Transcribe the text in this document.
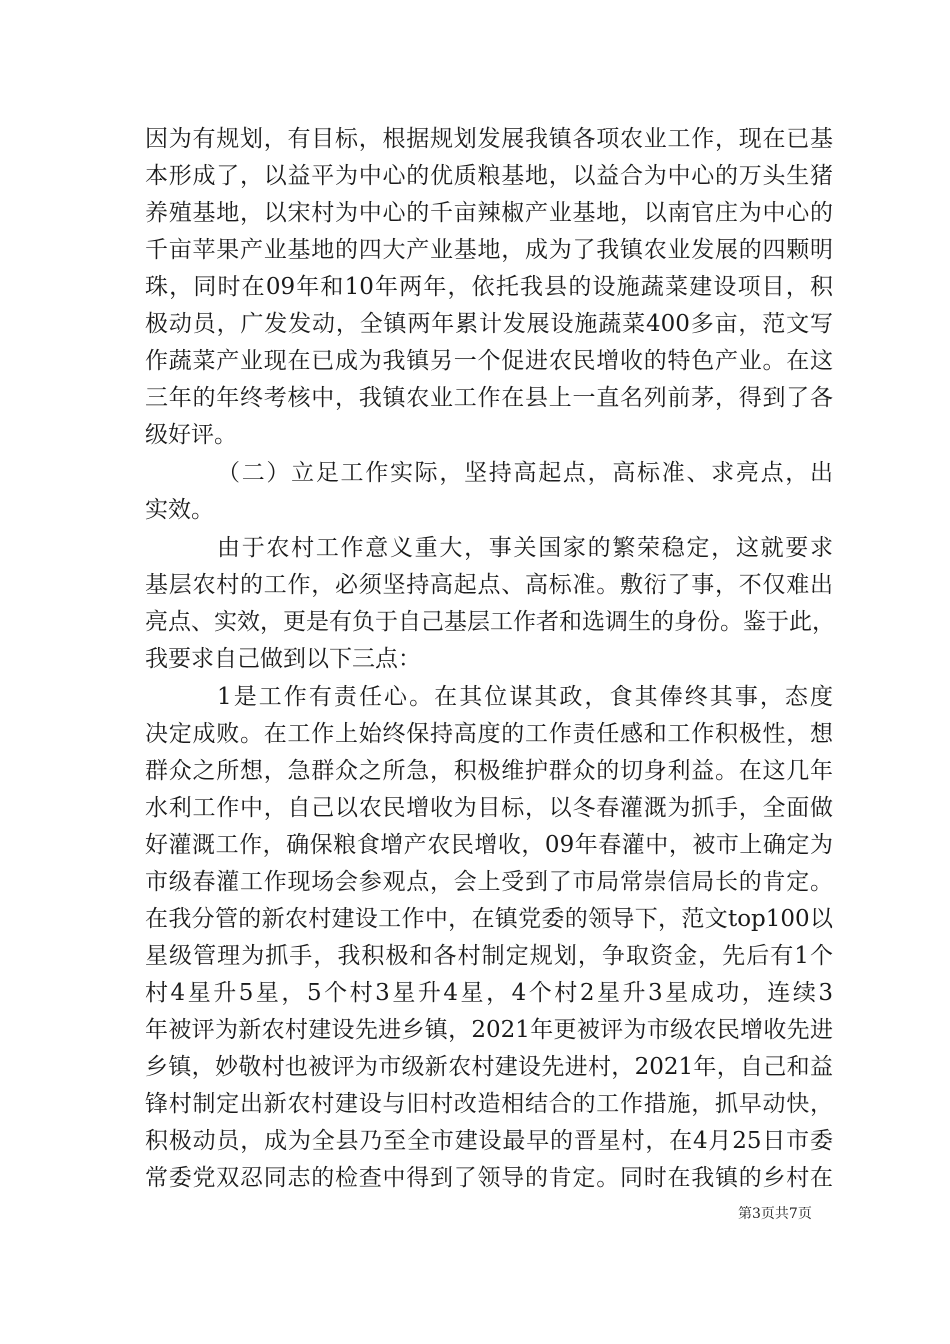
因为有规划，有目标，根据规划发展我镇各项农业工作，现在已基
本形成了，以益平为中心的优质粮基地，以益合为中心的万头生猪
养殖基地，以宋村为中心的千亩辣椒产业基地，以南官庄为中心的
千亩苹果产业基地的四大产业基地，成为了我镇农业发展的四颗明
珠，同时在09年和10年两年，依托我县的设施蔬菜建设项目，积
极动员，广发发动，全镇两年累计发展设施蔬菜400多亩，范文写
作蔬菜产业现在已成为我镇另一个促进农民增收的特色产业。在这
三年的年终考核中，我镇农业工作在县上一直名列前茅，得到了各
级好评。
（二）立足工作实际，坚持高起点，高标准、求亮点，出
实效。
由于农村工作意义重大，事关国家的繁荣稳定，这就要求
基层农村的工作，必须坚持高起点、高标准。敷衍了事，不仅难出
亮点、实效，更是有负于自己基层工作者和选调生的身份。鉴于此，
我要求自己做到以下三点：
1是工作有责任心。在其位谋其政，食其俸终其事，态度
决定成败。在工作上始终保持高度的工作责任感和工作积极性，想
群众之所想，急群众之所急，积极维护群众的切身利益。在这几年
水利工作中，自己以农民增收为目标，以冬春灌溉为抓手，全面做
好灌溉工作，确保粮食增产农民增收，09年春灌中，被市上确定为
市级春灌工作现场会参观点，会上受到了市局常崇信局长的肯定。
在我分管的新农村建设工作中，在镇党委的领导下，范文top100以
星级管理为抓手，我积极和各村制定规划，争取资金，先后有1个
村4星升5星，5个村3星升4星，4个村2星升3星成功，连续3
年被评为新农村建设先进乡镇，2021年更被评为市级农民增收先进
乡镇，妙敬村也被评为市级新农村建设先进村，2021年，自己和益
锋村制定出新农村建设与旧村改造相结合的工作措施，抓早动快，
积极动员，成为全县乃至全市建设最早的晋星村，在4月25日市委
常委党双忍同志的检查中得到了领导的肯定。同时在我镇的乡村在
第3页共7页
